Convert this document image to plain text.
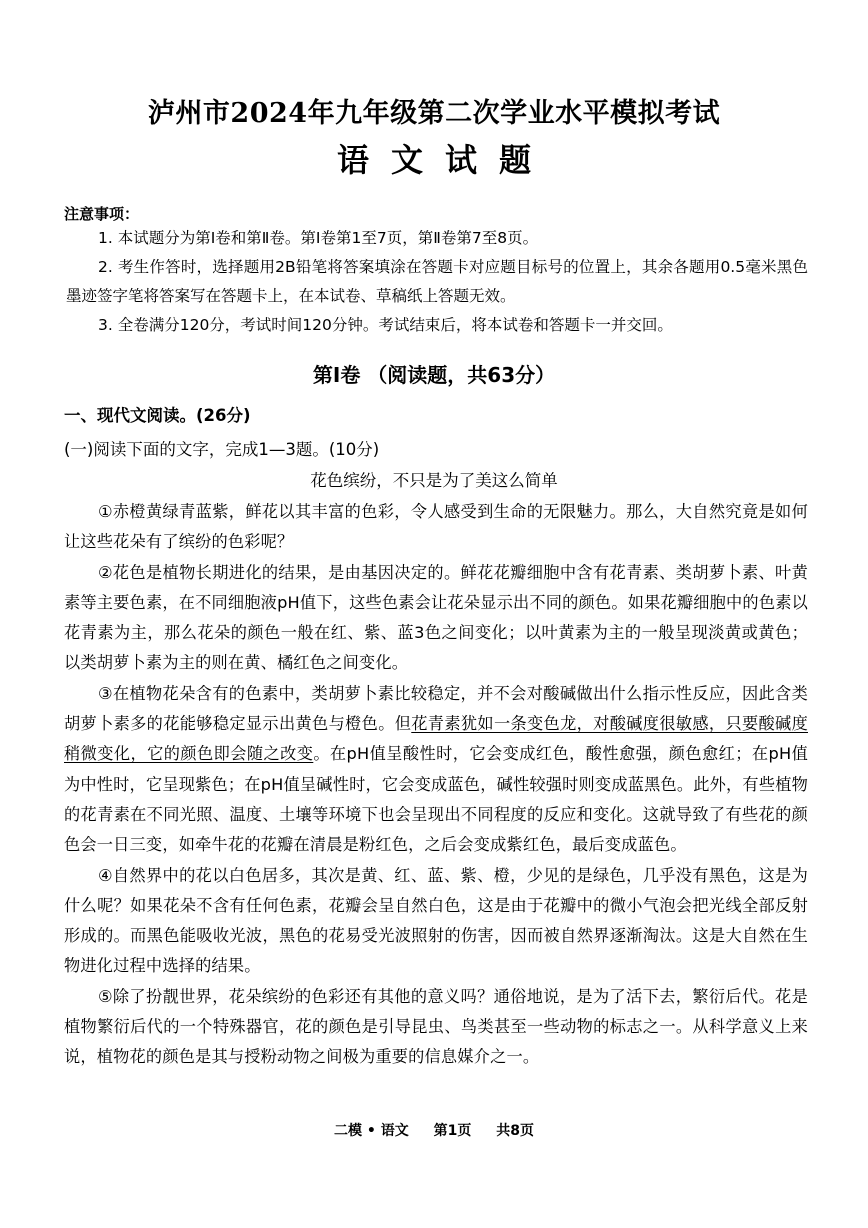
泸州市2024年九年级第二次学业水平模拟考试
语文试题
注意事项：

1. 本试题分为第Ⅰ卷和第Ⅱ卷。第Ⅰ卷第1至7页，第Ⅱ卷第7至8页。

2. 考生作答时，选择题用2B铅笔将答案填涂在答题卡对应题目标号的位置上，其余各题用0.5毫米黑色墨迹签字笔将答案写在答题卡上，在本试卷、草稿纸上答题无效。

3. 全卷满分120分，考试时间120分钟。考试结束后，将本试卷和答题卡一并交回。

第Ⅰ卷 （阅读题，共63分）
一、现代文阅读。(26分)
(一)阅读下面的文字，完成1—3题。(10分)
花色缤纷，不只是为了美这么简单

①赤橙黄绿青蓝紫，鲜花以其丰富的色彩，令人感受到生命的无限魅力。那么，大自然究竟是如何让这些花朵有了缤纷的色彩呢？

②花色是植物长期进化的结果，是由基因决定的。鲜花花瓣细胞中含有花青素、类胡萝卜素、叶黄素等主要色素，在不同细胞液pH值下，这些色素会让花朵显示出不同的颜色。如果花瓣细胞中的色素以花青素为主，那么花朵的颜色一般在红、紫、蓝3色之间变化；以叶黄素为主的一般呈现淡黄或黄色；以类胡萝卜素为主的则在黄、橘红色之间变化。

③在植物花朵含有的色素中，类胡萝卜素比较稳定，并不会对酸碱做出什么指示性反应，因此含类胡萝卜素多的花能够稳定显示出黄色与橙色。但花青素犹如一条变色龙，对酸碱度很敏感，只要酸碱度稍微变化，它的颜色即会随之改变。在pH值呈酸性时，它会变成红色，酸性愈强，颜色愈红；在pH值为中性时，它呈现紫色；在pH值呈碱性时，它会变成蓝色，碱性较强时则变成蓝黑色。此外，有些植物的花青素在不同光照、温度、土壤等环境下也会呈现出不同程度的反应和变化。这就导致了有些花的颜色会一日三变，如牵牛花的花瓣在清晨是粉红色，之后会变成紫红色，最后变成蓝色。

④自然界中的花以白色居多，其次是黄、红、蓝、紫、橙，少见的是绿色，几乎没有黑色，这是为什么呢？如果花朵不含有任何色素，花瓣会呈自然白色，这是由于花瓣中的微小气泡会把光线全部反射形成的。而黑色能吸收光波，黑色的花易受光波照射的伤害，因而被自然界逐渐淘汰。这是大自然在生物进化过程中选择的结果。

⑤除了扮靓世界，花朵缤纷的色彩还有其他的意义吗？通俗地说，是为了活下去，繁衍后代。花是植物繁衍后代的一个特殊器官，花的颜色是引导昆虫、鸟类甚至一些动物的标志之一。从科学意义上来说，植物花的颜色是其与授粉动物之间极为重要的信息媒介之一。

二模 • 语文 第1页 共8页
